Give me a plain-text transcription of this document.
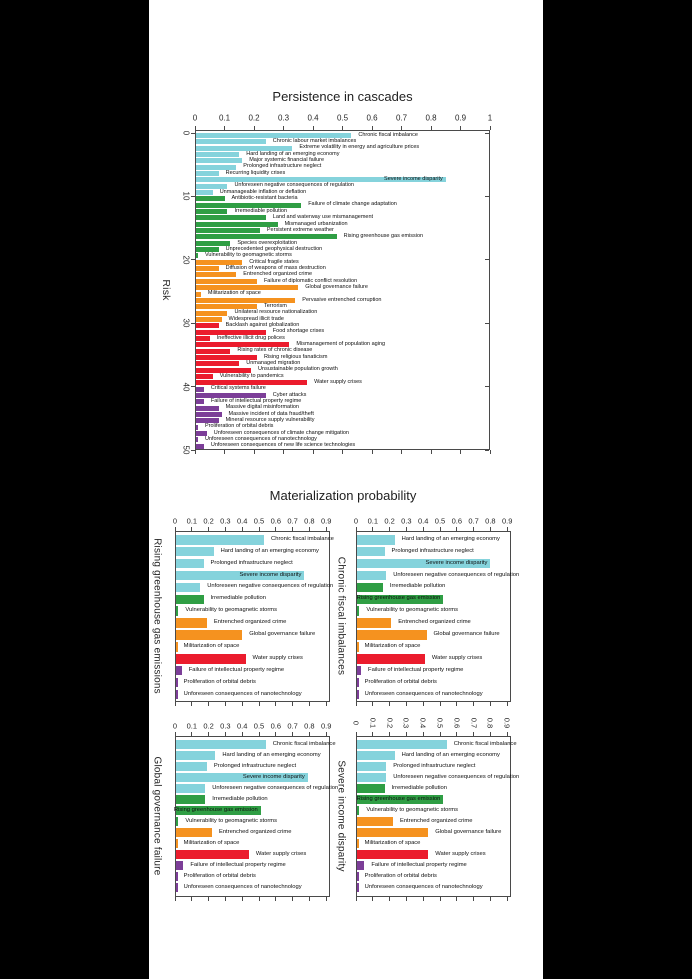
Persistence in cascades
Risk
Materialization probability
Rising greenhouse gas emissions	Chronic fiscal imbalances
Global governance failure	Severe income disparity
0	0.1 0.2 0.3 0.4 0.5 0.6 0.7 0.8 0.9	1
0
10
20
30
40
50
Chronic fiscal imbalance
Chronic labour market imbalances
Extreme volatility in energy and agriculture prices
Hard landing of an emerging economy
Major systemic financial failure
Prolonged infrastructure neglect
Recurring liquidity crises
Severe income disparity
Unforeseen negative consequences of regulation
Unmanageable inflation or deflation
Antibiotic-resistant bacteria
Failure of climate change adaptation
Irremediable pollution
Land and waterway use mismanagement
Mismanaged urbanization
Persistent extreme weather
Rising greenhouse gas emission
Species overexploitation
Unprecedented geophysical destruction
Vulnerability to geomagnetic storms
Critical fragile states
Diffusion of weapons of mass destruction
Entrenched organized crime
Failure of diplomatic conflict resolution
Global governance failure
Militarization of space
Pervasive entrenched corruption
Terrorism
Unilateral resource nationalization
Widespread illicit trade
Backlash against globalization
Food shortage crises
Ineffective illicit drug polices
Mismanagement of population aging
Rising rates of chronic disease
Rising religious fanaticism
Unmanaged migration
Unsustainable population growth
Vulnerability to pandemics
Water supply crises
Critical systems failure
Cyber attacks
Failure of intellectual property regime
Massive digital misinformation
Massive incident of data fraud/theft
Mineral resource supply vulnerability
Proliferation of orbital debris
Unforeseen consequences of climate change mitigation
Unforeseen consequences of nanotechnology
Unforeseen consequences of new life science technologies
0 0.1 0.2 0.3 0.4 0.5 0.6 0.7 0.8 0.9
Chronic fiscal imbalance
Hard landing of an emerging economy
Prolonged infrastructure neglect
Severe income disparity
Unforeseen negative consequences of regulation
Irremediable pollution
Vulnerability to geomagnetic storms
Entrenched organized crime
Global governance failure
Militarization of space
Water supply crises
Failure of intellectual property regime
Proliferation of orbital debris
Unforeseen consequences of nanotechnology
0 0.1 0.2 0.3 0.4 0.5 0.6 0.7 0.8 0.9
Hard landing of an emerging economy
Prolonged infrastructure neglect
Severe income disparity
Unforeseen negative consequences of regulation
Irremediable pollution
Rising greenhouse gas emission
Vulnerability to geomagnetic storms
Entrenched organized crime
Global governance failure
Militarization of space
Water supply crises
Failure of intellectual property regime
Proliferation of orbital debris
Unforeseen consequences of nanotechnology
0 0.1 0.2 0.3 0.4 0.5 0.6 0.7 0.8 0.9
Chronic fiscal imbalance
Hard landing of an emerging economy
Prolonged infrastructure neglect
Severe income disparity
Unforeseen negative consequences of regulation
Irremediable pollution
Rising greenhouse gas emission
Vulnerability to geomagnetic storms
Entrenched organized crime
Militarization of space
Water supply crises
Failure of intellectual property regime
Proliferation of orbital debris
Unforeseen consequences of nanotechnology
0 0.1 0.2 0.3 0.4 0.5 0.6 0.7 0.8 0.9
Chronic fiscal imbalance
Hard landing of an emerging economy
Prolonged infrastructure neglect
Unforeseen negative consequences of regulation
Irremediable pollution
Rising greenhouse gas emission
Vulnerability to geomagnetic storms
Entrenched organized crime
Global governance failure
Militarization of space
Water supply crises
Failure of intellectual property regime
Proliferation of orbital debris
Unforeseen consequences of nanotechnology
